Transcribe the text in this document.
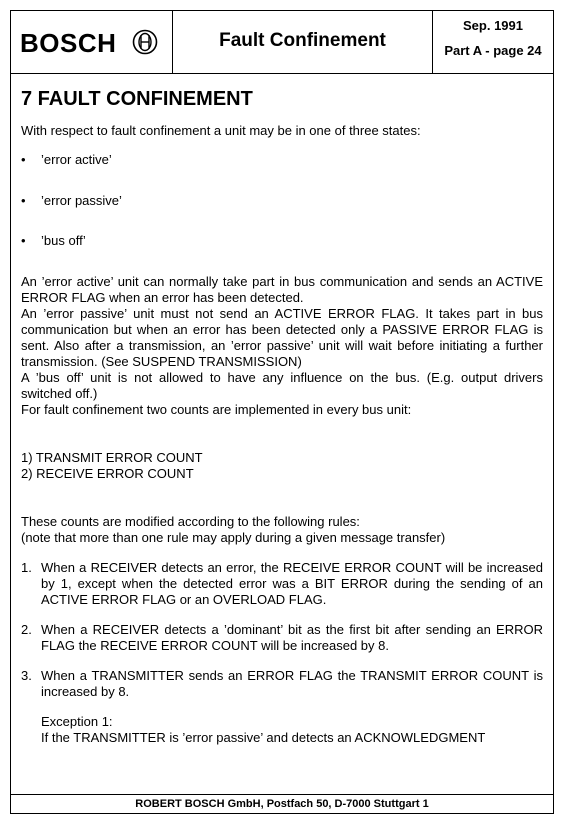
BOSCH	Fault Confinement
Sep. 1991
Part A - page 24
7 FAULT CONFINEMENT

With respect to fault confinement a unit may be in one of three states:

•	’error active’
•	’error passive’
•	’bus off’

An ’error active’ unit can normally take part in bus communication and sends an ACTIVE ERROR FLAG when an error has been detected.

An ’error passive’ unit must not send an ACTIVE ERROR FLAG. It takes part in bus communication but when an error has been detected only a PASSIVE ERROR FLAG is sent. Also after a transmission, an ’error passive’ unit will wait before initiating a further transmission. (See SUSPEND TRANSMISSION)

A ’bus off’ unit is not allowed to have any influence on the bus. (E.g. output drivers switched off.)

For fault confinement two counts are implemented in every bus unit:

1) TRANSMIT ERROR COUNT

2) RECEIVE ERROR COUNT

These counts are modified according to the following rules:

(note that more than one rule may apply during a given message transfer)

1. When a RECEIVER detects an error, the RECEIVE ERROR COUNT will be increased by 1, except when the detected error was a BIT ERROR during the sending of an ACTIVE ERROR FLAG or an OVERLOAD FLAG.
2. When a RECEIVER detects a ’dominant’ bit as the first bit after sending an ERROR FLAG the RECEIVE ERROR COUNT will be increased by 8.
3. When a TRANSMITTER sends an ERROR FLAG the TRANSMIT ERROR COUNT is increased by 8.

Exception 1:

If the TRANSMITTER is ’error passive’ and detects an ACKNOWLEDGMENT

ROBERT BOSCH GmbH, Postfach 50, D-7000 Stuttgart 1
